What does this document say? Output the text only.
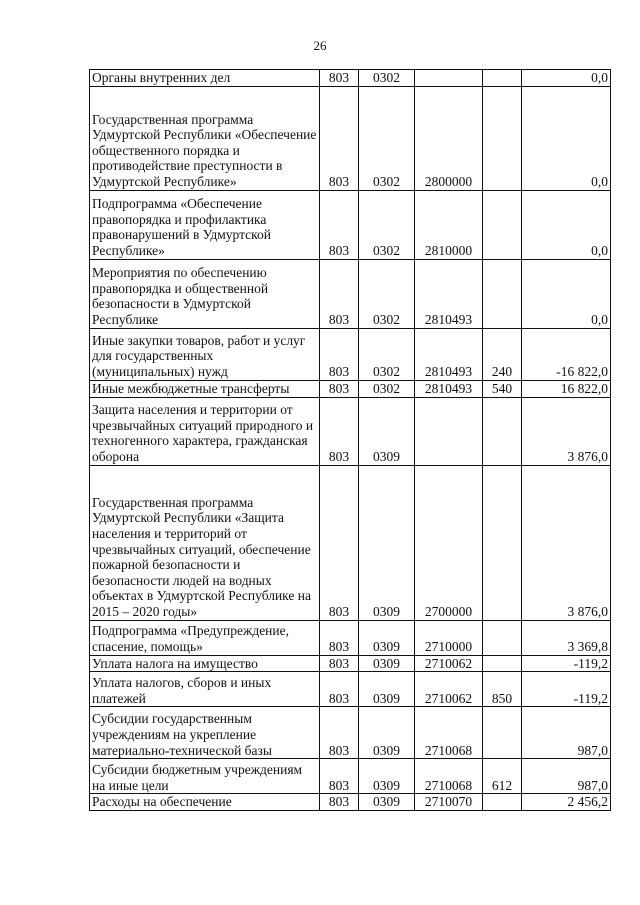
26
Органы внутренних дел	803	0302			0,0
Государственная программа Удмуртской Республики «Обеспечение общественного порядка и противодействие преступности в Удмуртской Республике»	803	0302	2800000		0,0
Подпрограмма «Обеспечение правопорядка и профилактика правонарушений в Удмуртской Республике»	803	0302	2810000		0,0
Мероприятия по обеспечению правопорядка и общественной безопасности в Удмуртской Республике	803	0302	2810493		0,0
Иные закупки товаров, работ и услуг для государственных (муниципальных) нужд	803	0302	2810493	240	-16 822,0
Иные межбюджетные трансферты	803	0302	2810493	540	16 822,0
Защита населения и территории от чрезвычайных ситуаций природного и техногенного характера, гражданская оборона	803	0309			3 876,0
Государственная программа Удмуртской Республики «Защита населения и территорий от чрезвычайных ситуаций, обеспечение пожарной безопасности и безопасности людей на водных объектах в Удмуртской Республике на 2015 – 2020 годы»	803	0309	2700000		3 876,0
Подпрограмма «Предупреждение, спасение, помощь»	803	0309	2710000		3 369,8
Уплата налога на имущество	803	0309	2710062		-119,2
Уплата налогов, сборов и иных платежей	803	0309	2710062	850	-119,2
Субсидии государственным учреждениям на укрепление материально-технической базы	803	0309	2710068		987,0
Субсидии бюджетным учреждениям на иные цели	803	0309	2710068	612	987,0
Расходы на обеспечение	803	0309	2710070		2 456,2
